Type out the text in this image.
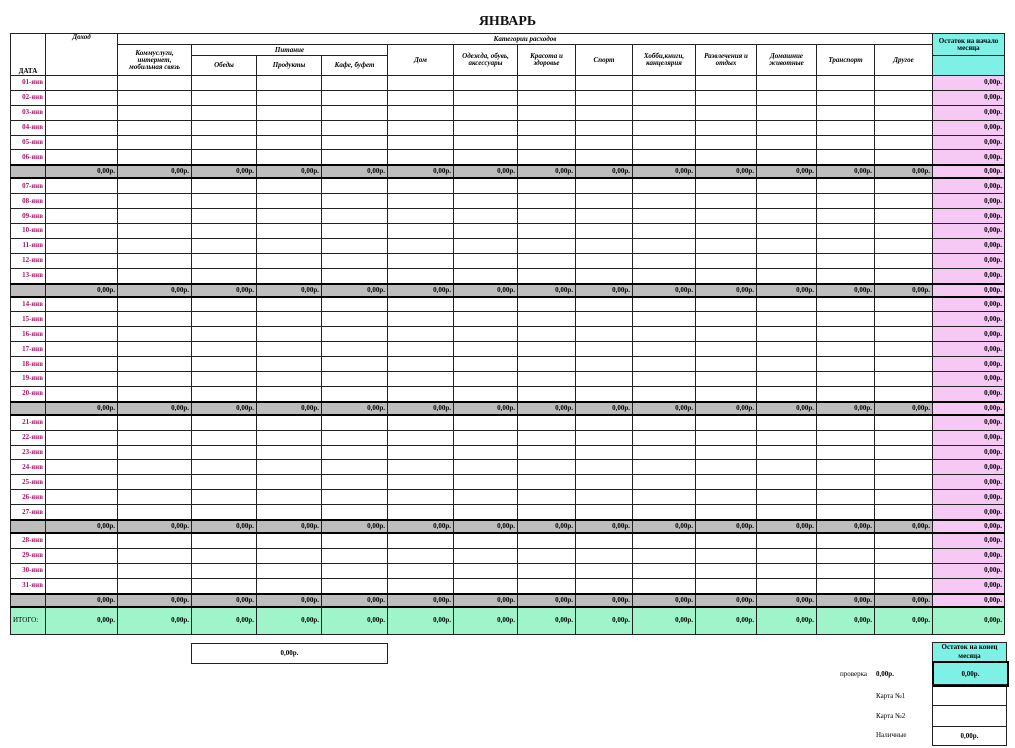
ЯНВАРЬ
ДАТА	Доход	Категории расходов													Остаток на начало месяца
		Коммуслуги, интернет, мобильная связь	Питание			Дом	Одежда, обувь, аксессуары	Красота и здоровье	Спорт	Хобби,книги, канцелярия	Развлечения и отдых	Домашние животные	Транспорт	Другое	
			Обеды	Продукты	Кафе, буфет										
01-янв															0,00р.
02-янв															0,00р.
03-янв															0,00р.
04-янв															0,00р.
05-янв															0,00р.
06-янв															0,00р.
	0,00р.	0,00р.	0,00р.	0,00р.	0,00р.	0,00р.	0,00р.	0,00р.	0,00р.	0,00р.	0,00р.	0,00р.	0,00р.	0,00р.	0,00р.
07-янв															0,00р.
08-янв															0,00р.
09-янв															0,00р.
10-янв															0,00р.
11-янв															0,00р.
12-янв															0,00р.
13-янв															0,00р.
	0,00р.	0,00р.	0,00р.	0,00р.	0,00р.	0,00р.	0,00р.	0,00р.	0,00р.	0,00р.	0,00р.	0,00р.	0,00р.	0,00р.	0,00р.
14-янв															0,00р.
15-янв															0,00р.
16-янв															0,00р.
17-янв															0,00р.
18-янв															0,00р.
19-янв															0,00р.
20-янв															0,00р.
	0,00р.	0,00р.	0,00р.	0,00р.	0,00р.	0,00р.	0,00р.	0,00р.	0,00р.	0,00р.	0,00р.	0,00р.	0,00р.	0,00р.	0,00р.
21-янв															0,00р.
22-янв															0,00р.
23-янв															0,00р.
24-янв															0,00р.
25-янв															0,00р.
26-янв															0,00р.
27-янв															0,00р.
	0,00р.	0,00р.	0,00р.	0,00р.	0,00р.	0,00р.	0,00р.	0,00р.	0,00р.	0,00р.	0,00р.	0,00р.	0,00р.	0,00р.	0,00р.
28-янв															0,00р.
29-янв															0,00р.
30-янв															0,00р.
31-янв															0,00р.
	0,00р.	0,00р.	0,00р.	0,00р.	0,00р.	0,00р.	0,00р.	0,00р.	0,00р.	0,00р.	0,00р.	0,00р.	0,00р.	0,00р.	0,00р.
ИТОГО:	0,00р.	0,00р.	0,00р.	0,00р.	0,00р.	0,00р.	0,00р.	0,00р.	0,00р.	0,00р.	0,00р.	0,00р.	0,00р.	0,00р.	0,00р.
0,00р.
Остаток на конец месяца
проверка 0,00р.	0,00р.
Карта №1
Карта №2
Наличные	0,00р.
